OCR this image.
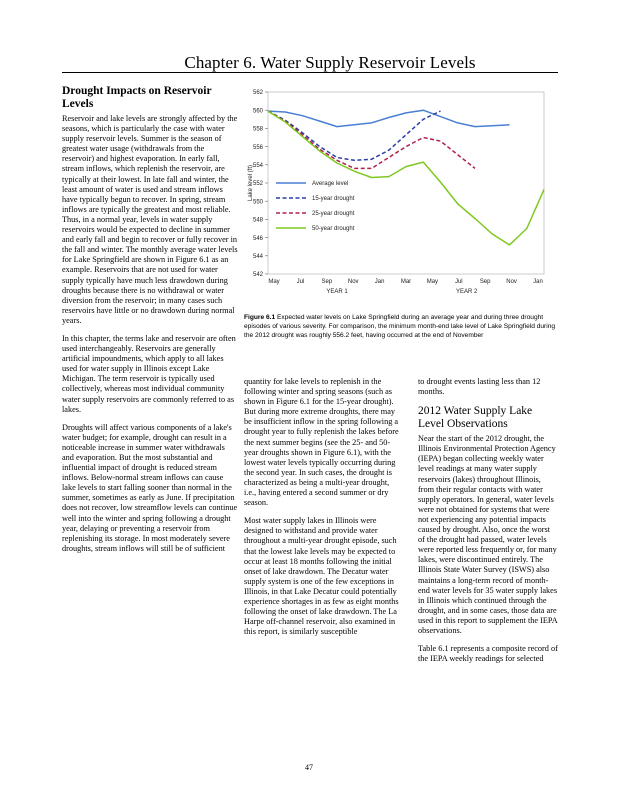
Chapter 6. Water Supply Reservoir Levels
Drought Impacts on Reservoir Levels

Reservoir and lake levels are strongly affected by the seasons, which is particularly the case with water supply reservoir levels. Summer is the season of greatest water usage (withdrawals from the reservoir) and highest evaporation. In early fall, stream inflows, which replenish the reservoir, are typically at their lowest. In late fall and winter, the least amount of water is used and stream inflows have typically begun to recover. In spring, stream inflows are typically the greatest and most reliable. Thus, in a normal year, levels in water supply reservoirs would be expected to decline in summer and early fall and begin to recover or fully recover in the fall and winter. The monthly average water levels for Lake Springfield are shown in Figure 6.1 as an example. Reservoirs that are not used for water supply typically have much less drawdown during droughts because there is no withdrawal or water diversion from the reservoir; in many cases such reservoirs have little or no drawdown during normal years.

In this chapter, the terms lake and reservoir are often used interchangeably. Reservoirs are generally artificial impoundments, which apply to all lakes used for water supply in Illinois except Lake Michigan. The term reservoir is typically used collectively, whereas most individual community water supply reservoirs are commonly referred to as lakes.

Droughts will affect various components of a lake's water budget; for example, drought can result in a noticeable increase in summer water withdrawals and evaporation. But the most substantial and influential impact of drought is reduced stream inflows. Below-normal stream inflows can cause lake levels to start falling sooner than normal in the summer, sometimes as early as June. If precipitation does not recover, low streamflow levels can continue well into the winter and spring following a drought year, delaying or preventing a reservoir from replenishing its storage. In most moderately severe droughts, stream inflows will still be of sufficient

542
544
546
548
550
552
554
556
558
560
562
Lake level (ft)
May	Jul	Sep	Nov	Jan	Mar	May	Jul	Sep	Nov	Jan
YEAR 1	YEAR 2
Average level
15-year drought
25-year drought
50-year drought
Figure 6.1 Expected water levels on Lake Springfield during an average year and during three drought episodes of various severity. For comparison, the minimum month-end lake level of Lake Springfield during the 2012 drought was roughly 556.2 feet, having occurred at the end of November

quantity for lake levels to replenish in the following winter and spring seasons (such as shown in Figure 6.1 for the 15-year drought). But during more extreme droughts, there may be insufficient inflow in the spring following a drought year to fully replenish the lakes before the next summer begins (see the 25- and 50-year droughts shown in Figure 6.1), with the lowest water levels typically occurring during the second year. In such cases, the drought is characterized as being a multi-year drought, i.e., having entered a second summer or dry season.

Most water supply lakes in Illinois were designed to withstand and provide water throughout a multi-year drought episode, such that the lowest lake levels may be expected to occur at least 18 months following the initial onset of lake drawdown. The Decatur water supply system is one of the few exceptions in Illinois, in that Lake Decatur could potentially experience shortages in as few as eight months following the onset of lake drawdown. The La Harpe off-channel reservoir, also examined in this report, is similarly susceptible

to drought events lasting less than 12 months.

2012 Water Supply Lake Level Observations

Near the start of the 2012 drought, the Illinois Environmental Protection Agency (IEPA) began collecting weekly water level readings at many water supply reservoirs (lakes) throughout Illinois, from their regular contacts with water supply operators. In general, water levels were not obtained for systems that were not experiencing any potential impacts caused by drought. Also, once the worst of the drought had passed, water levels were reported less frequently or, for many lakes, were discontinued entirely. The Illinois State Water Survey (ISWS) also maintains a long-term record of month-end water levels for 35 water supply lakes in Illinois which continued through the drought, and in some cases, those data are used in this report to supplement the IEPA observations.

Table 6.1 represents a composite record of the IEPA weekly readings for selected

47
